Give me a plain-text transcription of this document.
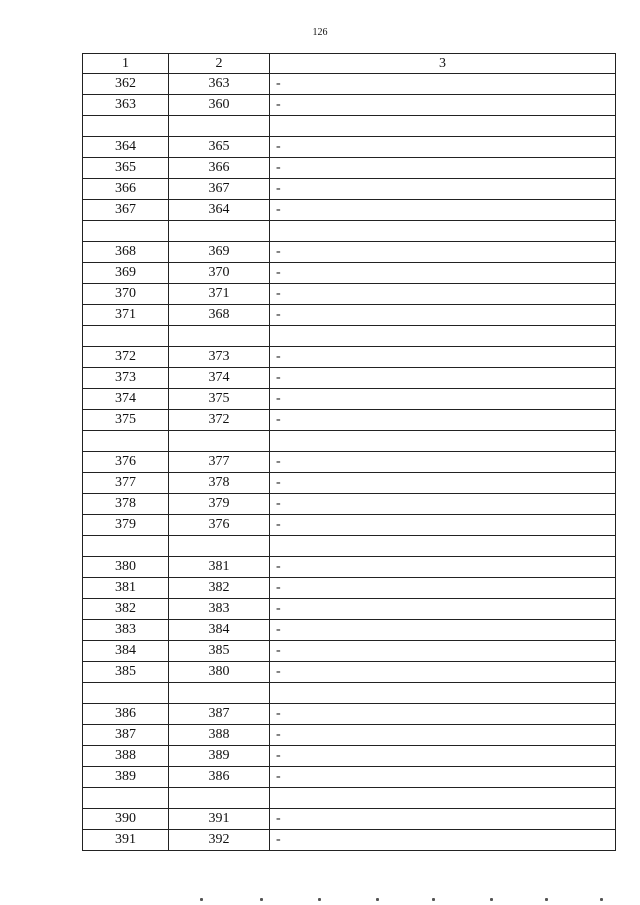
126
1	2	3
362	363	-
363	360	-

364	365	-
365	366	-
366	367	-
367	364	-

368	369	-
369	370	-
370	371	-
371	368	-

372	373	-
373	374	-
374	375	-
375	372	-

376	377	-
377	378	-
378	379	-
379	376	-

380	381	-
381	382	-
382	383	-
383	384	-
384	385	-
385	380	-

386	387	-
387	388	-
388	389	-
389	386	-

390	391	-
391	392	-
